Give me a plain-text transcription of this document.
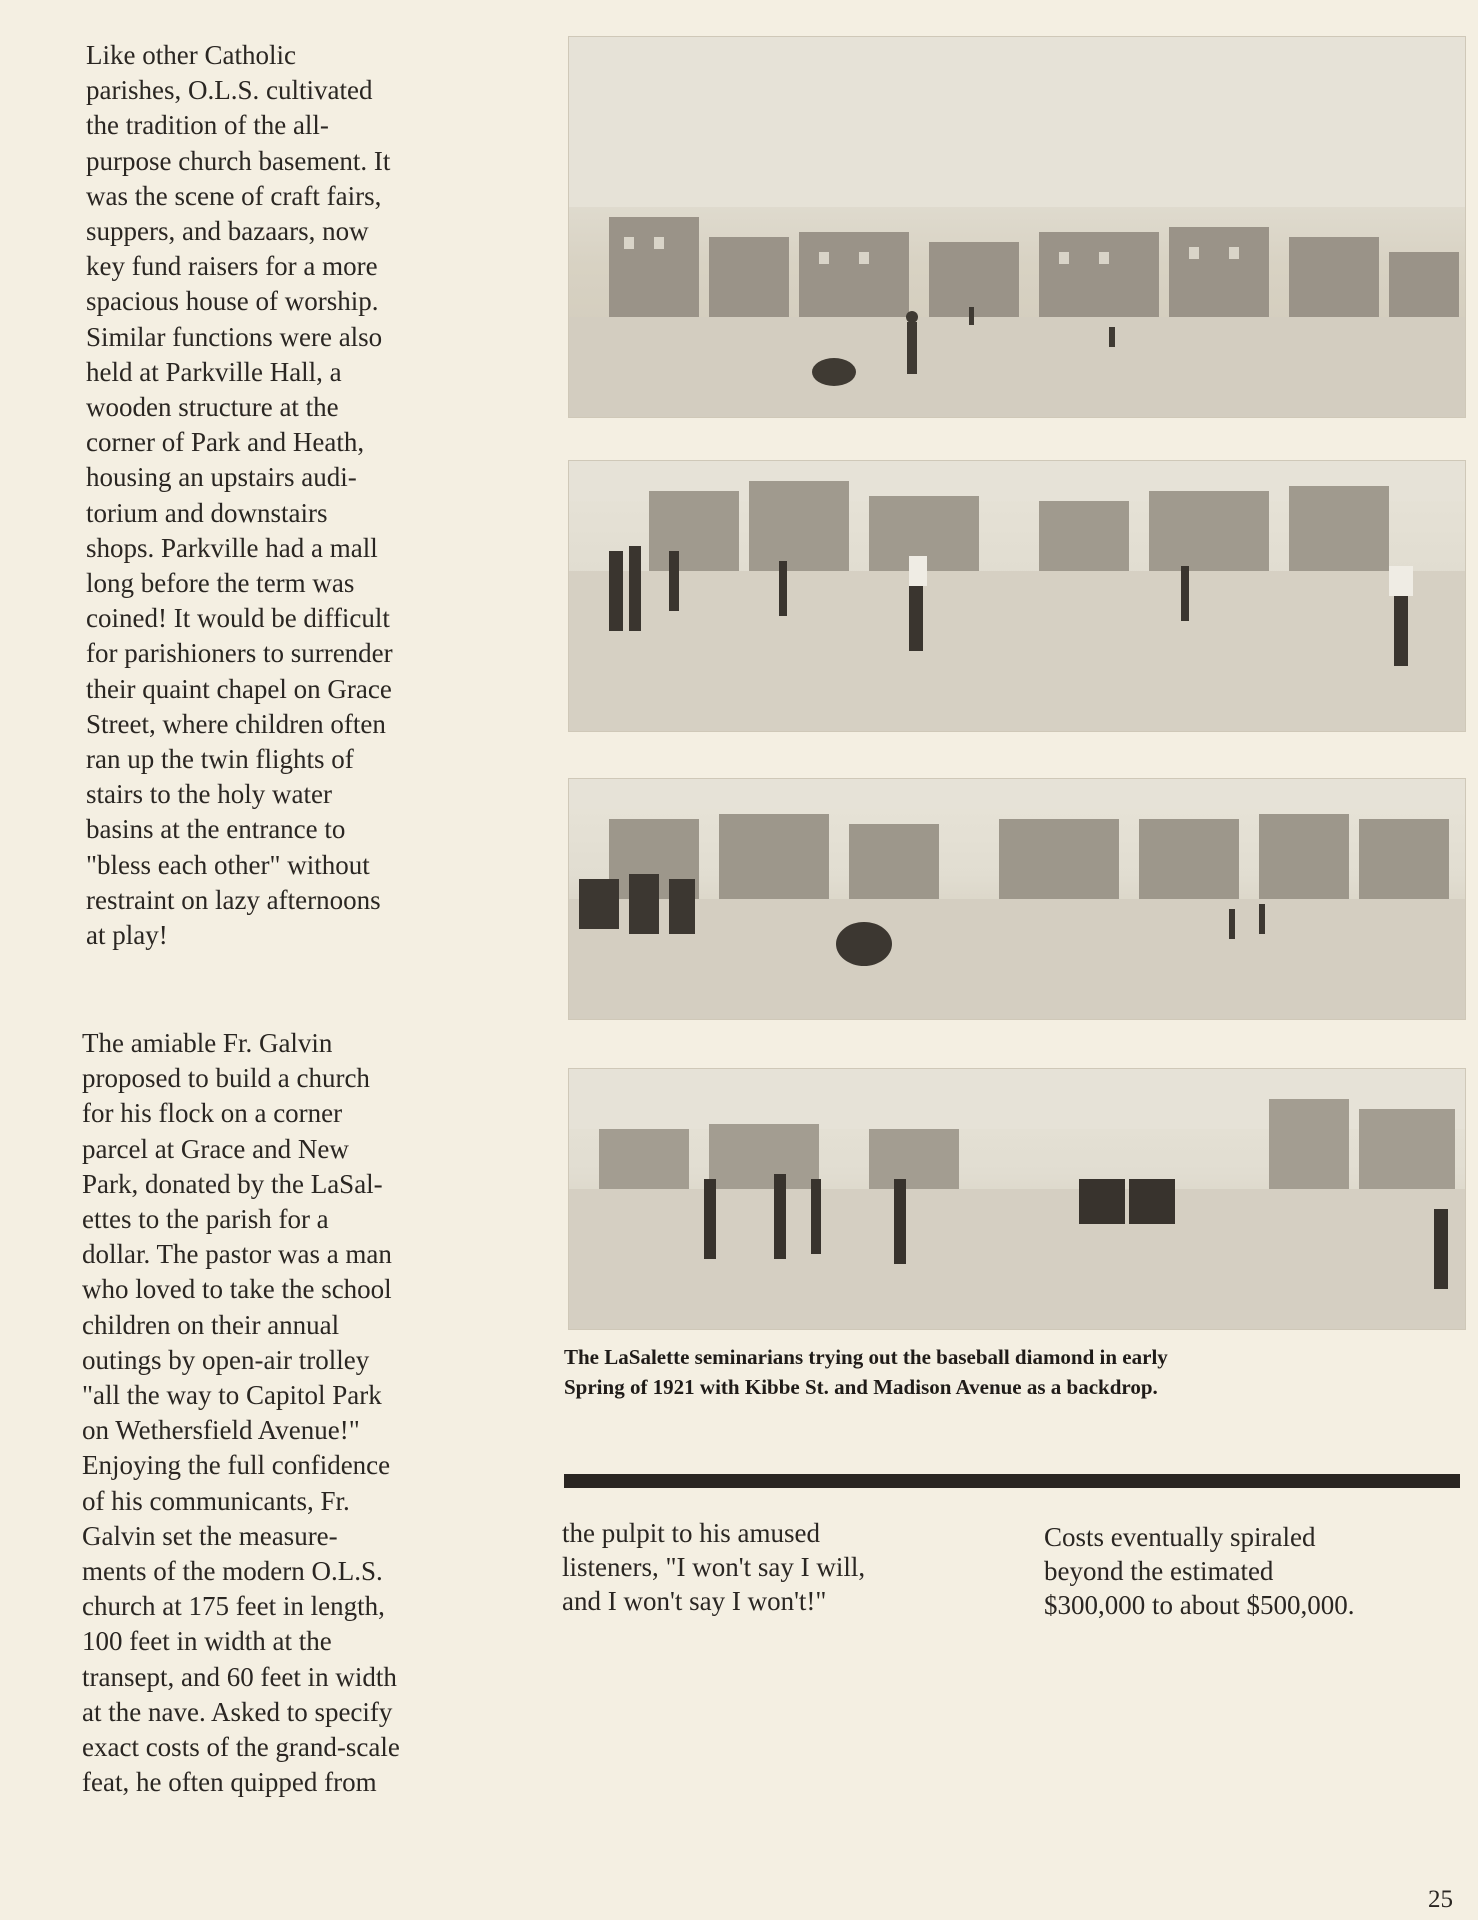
Like other Catholic
parishes, O.L.S. cultivated
the tradition of the all-
purpose church basement. It
was the scene of craft fairs,
suppers, and bazaars, now
key fund raisers for a more
spacious house of worship.
Similar functions were also
held at Parkville Hall, a
wooden structure at the
corner of Park and Heath,
housing an upstairs audi-
torium and downstairs
shops. Parkville had a mall
long before the term was
coined! It would be difficult
for parishioners to surrender
their quaint chapel on Grace
Street, where children often
ran up the twin flights of
stairs to the holy water
basins at the entrance to
"bless each other" without
restraint on lazy afternoons
at play!

The amiable Fr. Galvin
proposed to build a church
for his flock on a corner
parcel at Grace and New
Park, donated by the LaSal-
ettes to the parish for a
dollar. The pastor was a man
who loved to take the school
children on their annual
outings by open-air trolley
"all the way to Capitol Park
on Wethersfield Avenue!"
Enjoying the full confidence
of his communicants, Fr.
Galvin set the measure-
ments of the modern O.L.S.
church at 175 feet in length,
100 feet in width at the
transept, and 60 feet in width
at the nave. Asked to specify
exact costs of the grand-scale
feat, he often quipped from

The LaSalette seminarians trying out the baseball diamond in early
Spring of 1921 with Kibbe St. and Madison Avenue as a backdrop.

the pulpit to his amused
listeners, "I won't say I will,
and I won't say I won't!"

Costs eventually spiraled
beyond the estimated
$300,000 to about $500,000.

25
